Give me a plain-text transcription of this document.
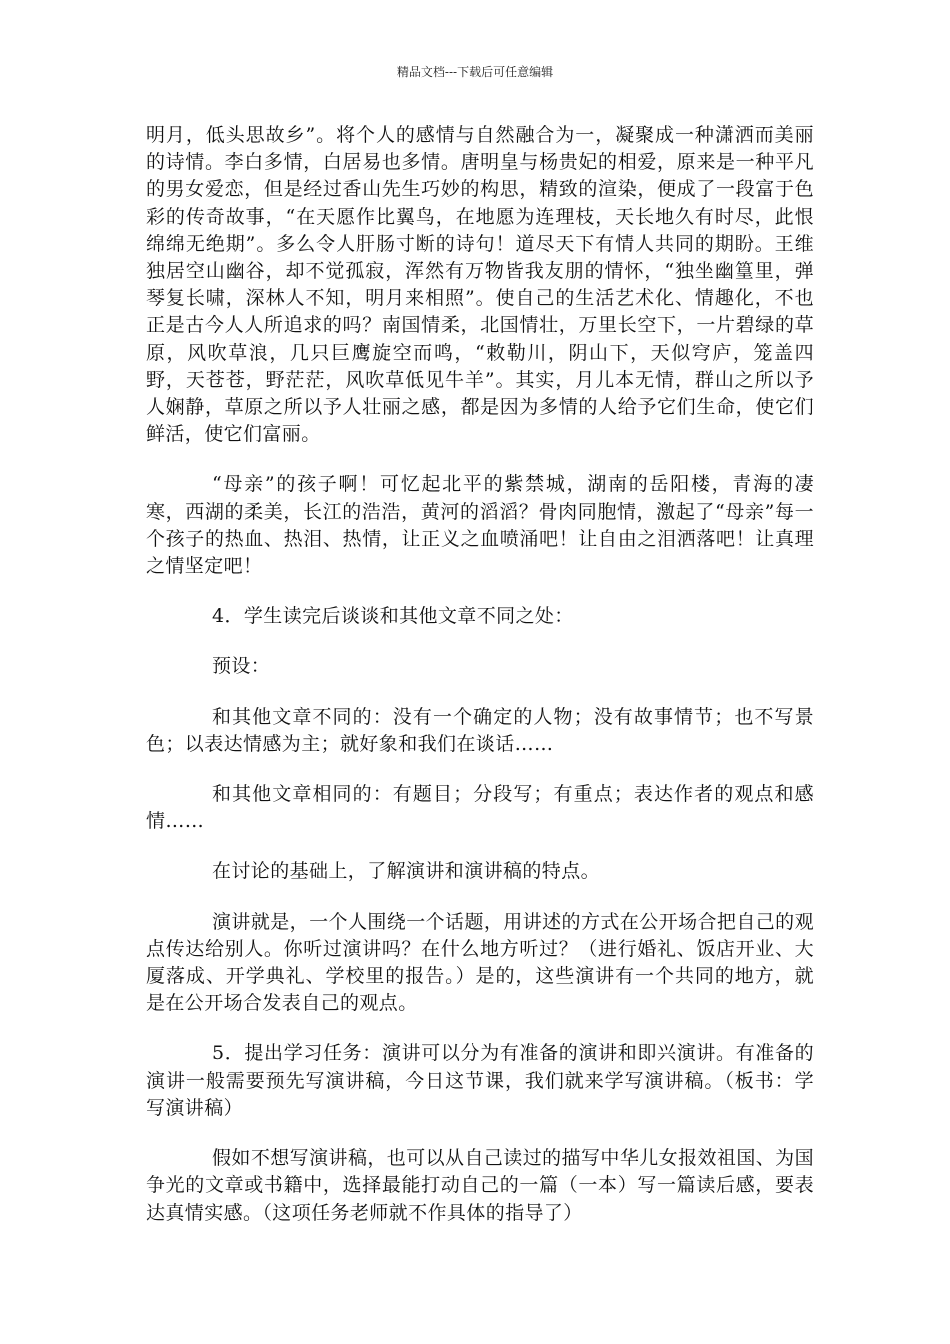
精品文档---下载后可任意编辑

明月，低头思故乡”。将个人的感情与自然融合为一，凝聚成一种潇洒而美丽的诗情。李白多情，白居易也多情。唐明皇与杨贵妃的相爱，原来是一种平凡的男女爱恋，但是经过香山先生巧妙的构思，精致的渲染，便成了一段富于色彩的传奇故事，“在天愿作比翼鸟，在地愿为连理枝，天长地久有时尽，此恨绵绵无绝期”。多么令人肝肠寸断的诗句！道尽天下有情人共同的期盼。王维独居空山幽谷，却不觉孤寂，浑然有万物皆我友朋的情怀，“独坐幽篁里，弹琴复长啸，深林人不知，明月来相照”。使自己的生活艺术化、情趣化，不也正是古今人人所追求的吗？南国情柔，北国情壮，万里长空下，一片碧绿的草原，风吹草浪，几只巨鹰旋空而鸣，“敕勒川，阴山下，天似穹庐，笼盖四野，天苍苍，野茫茫，风吹草低见牛羊”。其实，月儿本无情，群山之所以予人娴静，草原之所以予人壮丽之感，都是因为多情的人给予它们生命，使它们鲜活，使它们富丽。

“母亲”的孩子啊！可忆起北平的紫禁城，湖南的岳阳楼，青海的凄寒，西湖的柔美，长江的浩浩，黄河的滔滔？骨肉同胞情，激起了“母亲”每一个孩子的热血、热泪、热情，让正义之血喷涌吧！让自由之泪洒落吧！让真理之情坚定吧！

4．学生读完后谈谈和其他文章不同之处：

预设：

和其他文章不同的：没有一个确定的人物；没有故事情节；也不写景色；以表达情感为主；就好象和我们在谈话……

和其他文章相同的：有题目；分段写；有重点；表达作者的观点和感情……

在讨论的基础上，了解演讲和演讲稿的特点。

演讲就是，一个人围绕一个话题，用讲述的方式在公开场合把自己的观点传达给别人。你听过演讲吗？在什么地方听过？（进行婚礼、饭店开业、大厦落成、开学典礼、学校里的报告。）是的，这些演讲有一个共同的地方，就是在公开场合发表自己的观点。

5．提出学习任务：演讲可以分为有准备的演讲和即兴演讲。有准备的演讲一般需要预先写演讲稿，今日这节课，我们就来学写演讲稿。（板书：学写演讲稿）

假如不想写演讲稿，也可以从自己读过的描写中华儿女报效祖国、为国争光的文章或书籍中，选择最能打动自己的一篇（一本）写一篇读后感，要表达真情实感。（这项任务老师就不作具体的指导了）
